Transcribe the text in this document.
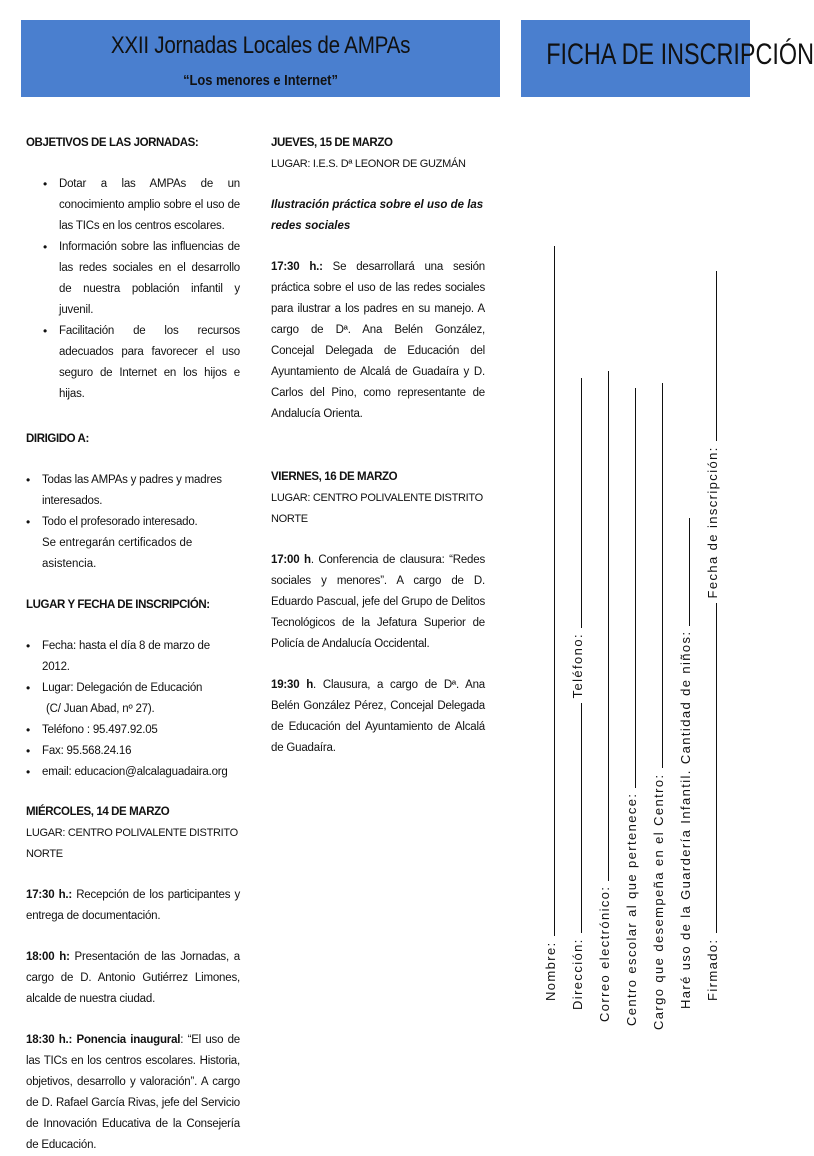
XXII Jornadas Locales de AMPAs
“Los menores e Internet”
FICHA DE INSCRIPCIÓN

OBJETIVOS DE LAS JORNADAS:

• Dotar a las AMPAs de un conocimiento amplio sobre el uso de las TICs en los centros escolares.
• Información sobre las influencias de las redes sociales en el desarrollo de nuestra población infantil y juvenil.
• Facilitación de los recursos adecuados para favorecer el uso seguro de Internet en los hijos e hijas.

DIRIGIDO A:

• Todas las AMPAs y padres y madres interesados.
• Todo el profesorado interesado.
Se entregarán certificados de asistencia.

LUGAR Y FECHA DE INSCRIPCIÓN:

• Fecha: hasta el día 8 de marzo de 2012.
• Lugar: Delegación de Educación
(C/ Juan Abad, nº 27).
• Teléfono : 95.497.92.05
• Fax: 95.568.24.16
• email: educacion@alcalaguadaira.org

MIÉRCOLES, 14 DE MARZO

LUGAR: CENTRO POLIVALENTE DISTRITO NORTE

17:30 h.: Recepción de los participantes y entrega de documentación.

18:00 h: Presentación de las Jornadas, a cargo de D. Antonio Gutiérrez Limones, alcalde de nuestra ciudad.

18:30 h.: Ponencia inaugural: “El uso de las TICs en los centros escolares. Historia, objetivos, desarrollo y valoración”. A cargo de D. Rafael García Rivas, jefe del Servicio de Innovación Educativa de la Consejería de Educación.

JUEVES, 15 DE MARZO

LUGAR: I.E.S. Dª LEONOR DE GUZMÁN

Ilustración práctica sobre el uso de las redes sociales

17:30 h.: Se desarrollará una sesión práctica sobre el uso de las redes sociales para ilustrar a los padres en su manejo. A cargo de Dª. Ana Belén González, Concejal Delegada de Educación del Ayuntamiento de Alcalá de Guadaíra y D. Carlos del Pino, como representante de Andalucía Orienta.

VIERNES, 16 DE MARZO

LUGAR: CENTRO POLIVALENTE DISTRITO NORTE

17:00 h. Conferencia de clausura: “Redes sociales y menores”. A cargo de D. Eduardo Pascual, jefe del Grupo de Delitos Tecnológicos de la Jefatura Superior de Policía de Andalucía Occidental.

19:30 h. Clausura, a cargo de Dª. Ana Belén González Pérez, Concejal Delegada de Educación del Ayuntamiento de Alcalá de Guadaíra.

Nombre: Dirección:  Teléfono:
Correo electrónico: Centro escolar al que pertenece: Cargo que desempeña en el Centro: Haré uso de la Guardería Infantil. Cantidad de niños:
Firmado:  Fecha de inscripción:
